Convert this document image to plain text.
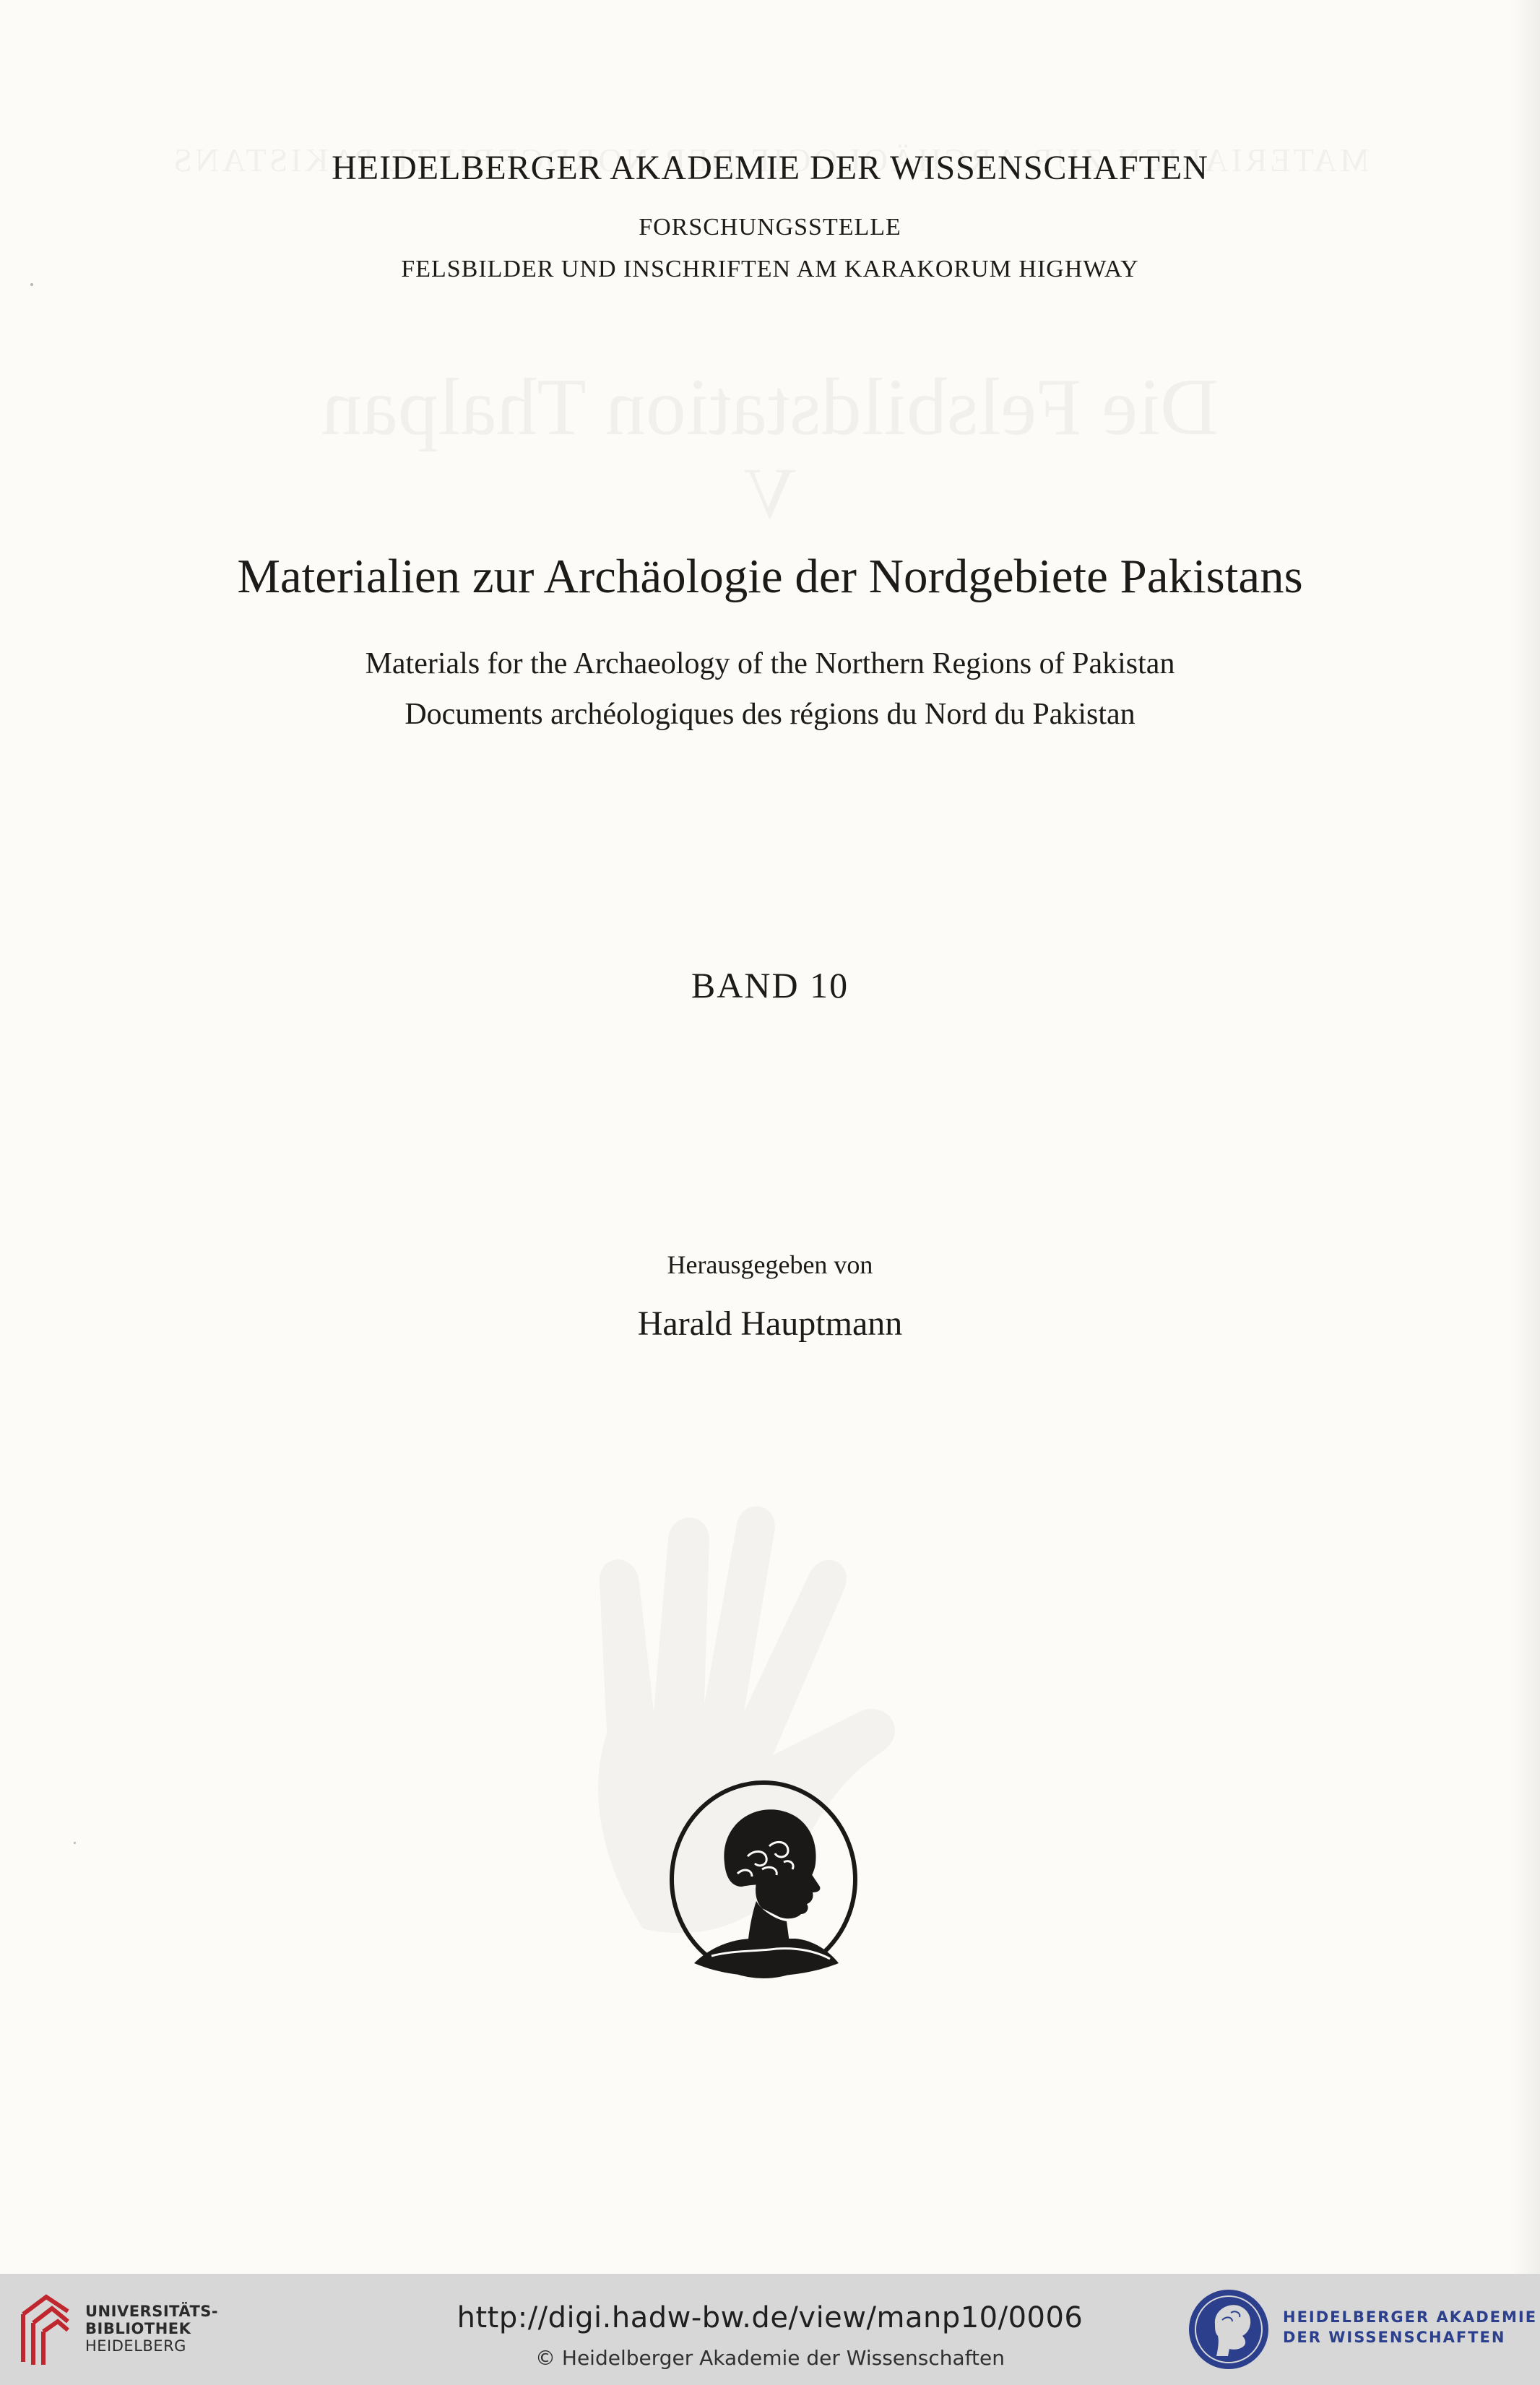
HEIDELBERGER AKADEMIE DER WISSENSCHAFTEN
FORSCHUNGSSTELLE
FELSBILDER UND INSCHRIFTEN AM KARAKORUM HIGHWAY
Materialien zur Archäologie der Nordgebiete Pakistans
Materials for the Archaeology of the Northern Regions of Pakistan
Documents archéologiques des régions du Nord du Pakistan
BAND 10
Herausgegeben von
Harald Hauptmann
UNIVERSITÄTS-
BIBLIOTHEK
HEIDELBERG
http://digi.hadw-bw.de/view/manp10/0006
© Heidelberger Akademie der Wissenschaften
HEIDELBERGER AKADEMIE
DER WISSENSCHAFTEN
